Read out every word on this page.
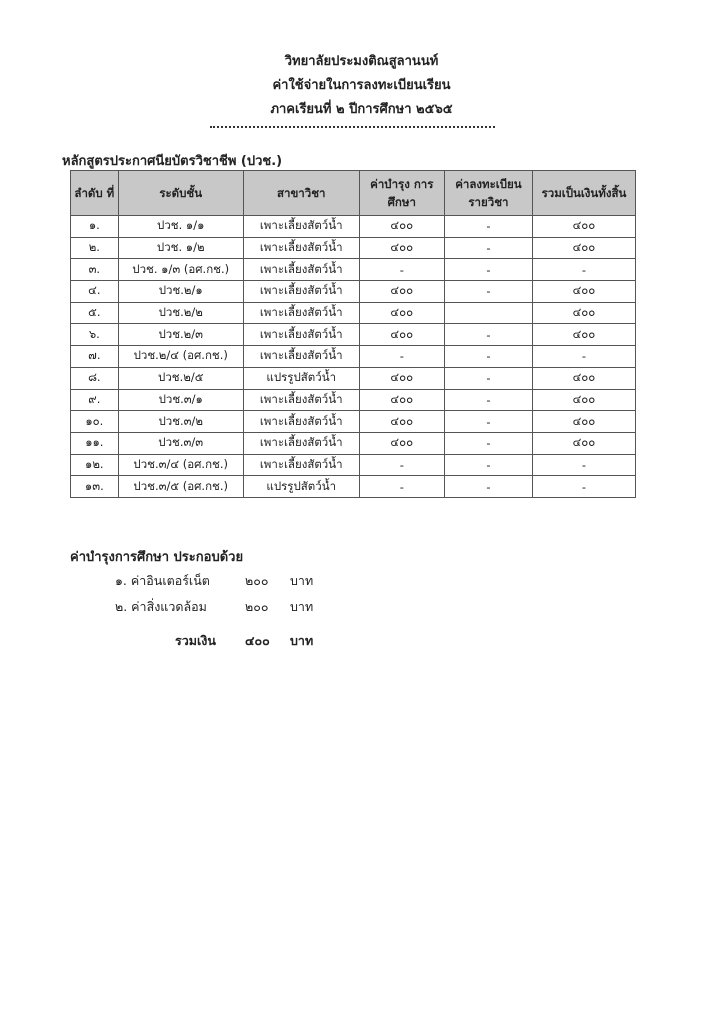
วิทยาลัยประมงติณสูลานนท์
ค่าใช้จ่ายในการลงทะเบียนเรียน
ภาคเรียนที่ ๒ ปีการศึกษา ๒๕๖๕
หลักสูตรประกาศนียบัตรวิชาชีพ (ปวช.)
ลำดับ ที่	ระดับชั้น	สาขาวิชา	ค่าบำรุง การศึกษา	ค่าลงทะเบียน รายวิชา	รวมเป็นเงินทั้งสิ้น
๑.	ปวช. ๑/๑	เพาะเลี้ยงสัตว์น้ำ	๔๐๐	-	๔๐๐
๒.	ปวช. ๑/๒	เพาะเลี้ยงสัตว์น้ำ	๔๐๐	-	๔๐๐
๓.	ปวช. ๑/๓ (อศ.กช.)	เพาะเลี้ยงสัตว์น้ำ	-	-	-
๔.	ปวช.๒/๑	เพาะเลี้ยงสัตว์น้ำ	๔๐๐	-	๔๐๐
๕.	ปวช.๒/๒	เพาะเลี้ยงสัตว์น้ำ	๔๐๐		๔๐๐
๖.	ปวช.๒/๓	เพาะเลี้ยงสัตว์น้ำ	๔๐๐	-	๔๐๐
๗.	ปวช.๒/๔ (อศ.กช.)	เพาะเลี้ยงสัตว์น้ำ	-	-	-
๘.	ปวช.๒/๕	แปรรูปสัตว์น้ำ	๔๐๐	-	๔๐๐
๙.	ปวช.๓/๑	เพาะเลี้ยงสัตว์น้ำ	๔๐๐	-	๔๐๐
๑๐.	ปวช.๓/๒	เพาะเลี้ยงสัตว์น้ำ	๔๐๐	-	๔๐๐
๑๑.	ปวช.๓/๓	เพาะเลี้ยงสัตว์น้ำ	๔๐๐	-	๔๐๐
๑๒.	ปวช.๓/๔ (อศ.กช.)	เพาะเลี้ยงสัตว์น้ำ	-	-	-
๑๓.	ปวช.๓/๕ (อศ.กช.)	แปรรูปสัตว์น้ำ	-	-	-
ค่าบำรุงการศึกษา ประกอบด้วย
๑. ค่าอินเตอร์เน็ต	๒๐๐ บาท
๒. ค่าสิ่งแวดล้อม	๒๐๐ บาท
รวมเงิน ๔๐๐ บาท
